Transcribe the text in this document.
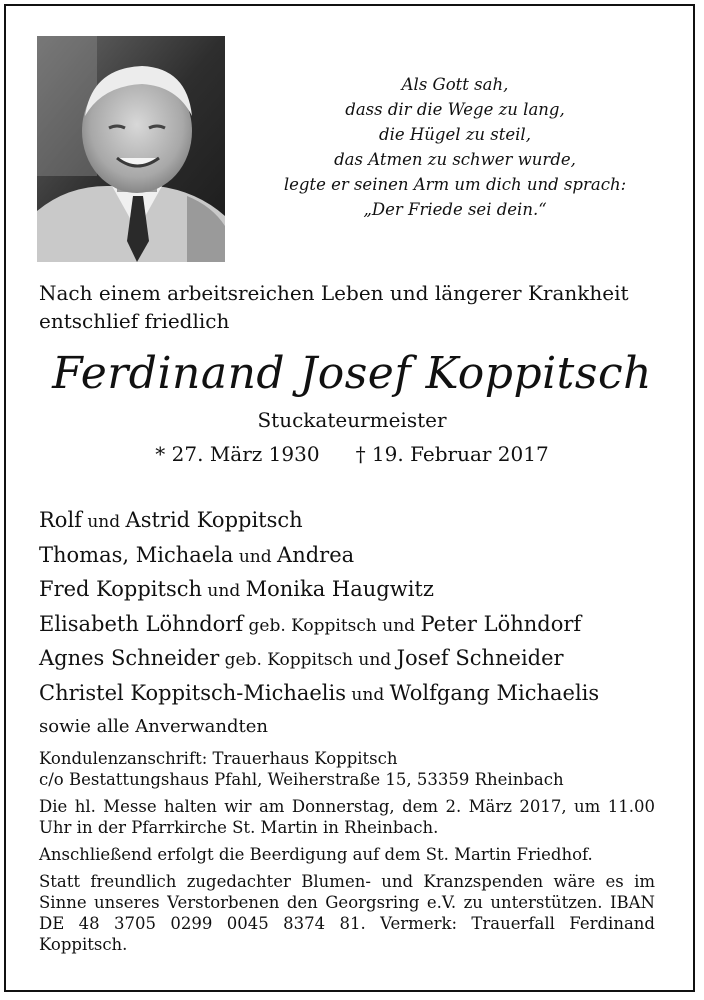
Als Gott sah,
dass dir die Wege zu lang,
die Hügel zu steil,
das Atmen zu schwer wurde,
legte er seinen Arm um dich und sprach:
„Der Friede sei dein.“
Nach einem arbeitsreichen Leben und längerer Krankheit
entschlief friedlich
Ferdinand Josef Koppitsch
Stuckateurmeister
* 27. März 1930 † 19. Februar 2017
Rolf und Astrid Koppitsch
Thomas, Michaela und Andrea
Fred Koppitsch und Monika Haugwitz
Elisabeth Löhndorf geb. Koppitsch und Peter Löhndorf
Agnes Schneider geb. Koppitsch und Josef Schneider
Christel Koppitsch-Michaelis und Wolfgang Michaelis
sowie alle Anverwandten

Kondulenzanschrift: Trauerhaus Koppitsch
c/o Bestattungshaus Pfahl, Weiherstraße 15, 53359 Rheinbach

Die hl. Messe halten wir am Donnerstag, dem 2. März 2017, um 11.00 Uhr in der Pfarrkirche St. Martin in Rheinbach.

Anschließend erfolgt die Beerdigung auf dem St. Martin Friedhof.

Statt freundlich zugedachter Blumen- und Kranzspenden wäre es im Sinne unseres Verstorbenen den Georgsring e.V. zu unterstützen. IBAN DE 48 3705 0299 0045 8374 81. Vermerk: Trauerfall Ferdinand Koppitsch.
